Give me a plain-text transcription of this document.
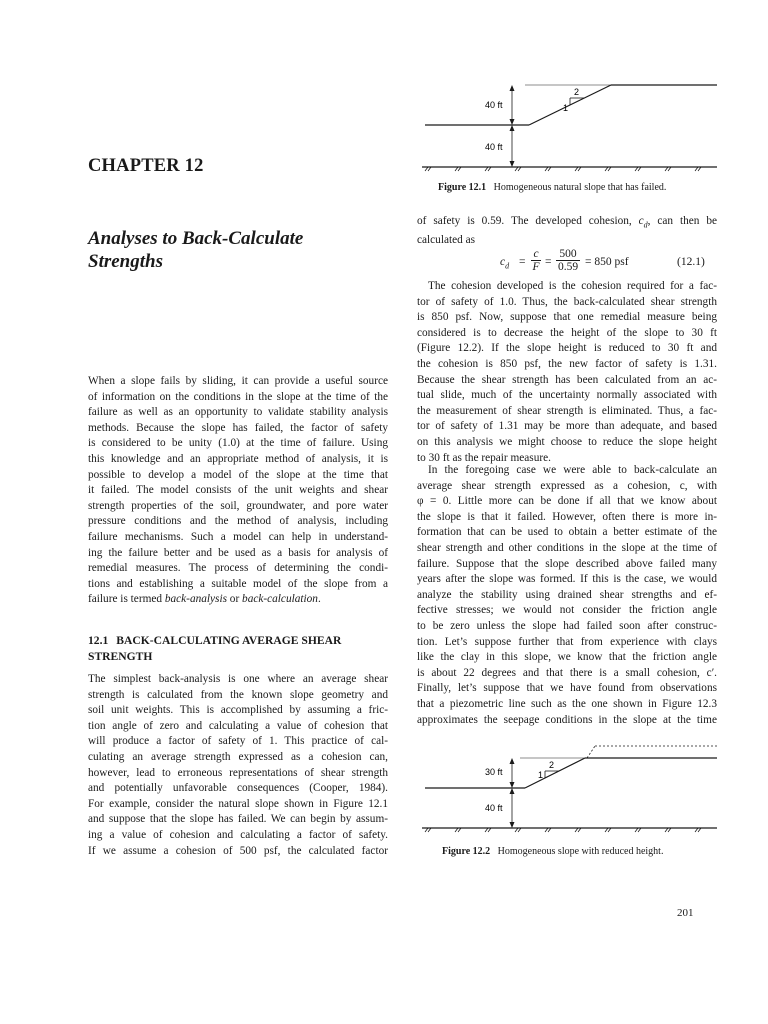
CHAPTER 12
Analyses to Back-Calculate
Strengths
When a slope fails by sliding, it can provide a useful source
of information on the conditions in the slope at the time of the
failure as well as an opportunity to validate stability analysis
methods. Because the slope has failed, the factor of safety
is considered to be unity (1.0) at the time of failure. Using
this knowledge and an appropriate method of analysis, it is
possible to develop a model of the slope at the time that
it failed. The model consists of the unit weights and shear
strength properties of the soil, groundwater, and pore water
pressure conditions and the method of analysis, including
failure mechanisms. Such a model can help in understand-
ing the failure better and be used as a basis for analysis of
remedial measures. The process of determining the condi-
tions and establishing a suitable model of the slope from a
failure is termed back-analysis or back-calculation.
12.1 BACK-CALCULATING AVERAGE SHEAR
STRENGTH
The simplest back-analysis is one where an average shear
strength is calculated from the known slope geometry and
soil unit weights. This is accomplished by assuming a fric-
tion angle of zero and calculating a value of cohesion that
will produce a factor of safety of 1. This practice of cal-
culating an average strength expressed as a cohesion can,
however, lead to erroneous representations of shear strength
and potentially unfavorable consequences (Cooper, 1984).
For example, consider the natural slope shown in Figure 12.1
and suppose that the slope has failed. We can begin by assum-
ing a value of cohesion and calculating a factor of safety.
If we assume a cohesion of 500 psf, the calculated factor
1
2
40 ft
40 ft
Figure 12.1 Homogeneous natural slope that has failed.
of safety is 0.59. The developed cohesion, $c_d$, can then be
calculated as
$c_d$ =
c
F =
500
0.59 = 850 psf	(12.1)
The cohesion developed is the cohesion required for a fac-
tor of safety of 1.0. Thus, the back-calculated shear strength
is 850 psf. Now, suppose that one remedial measure being
considered is to decrease the height of the slope to 30 ft
(Figure 12.2). If the slope height is reduced to 30 ft and
the cohesion is 850 psf, the new factor of safety is 1.31.
Because the shear strength has been calculated from an ac-
tual slide, much of the uncertainty normally associated with
the measurement of shear strength is eliminated. Thus, a fac-
tor of safety of 1.31 may be more than adequate, and based
on this analysis we might choose to reduce the slope height
to 30 ft as the repair measure.
In the foregoing case we were able to back-calculate an
average shear strength expressed as a cohesion, c, with
φ = 0. Little more can be done if all that we know about
the slope is that it failed. However, often there is more in-
formation that can be used to obtain a better estimate of the
shear strength and other conditions in the slope at the time of
failure. Suppose that the slope described above failed many
years after the slope was formed. If this is the case, we would
analyze the stability using drained shear strengths and ef-
fective stresses; we would not consider the friction angle
to be zero unless the slope had failed soon after construc-
tion. Let’s suppose further that from experience with clays
like the clay in this slope, we know that the friction angle
is about 22 degrees and that there is a small cohesion, c′.
Finally, let’s suppose that we have found from observations
that a piezometric line such as the one shown in Figure 12.3
approximates the seepage conditions in the slope at the time
1
2
30 ft
40 ft
Figure 12.2 Homogeneous slope with reduced height.
201
